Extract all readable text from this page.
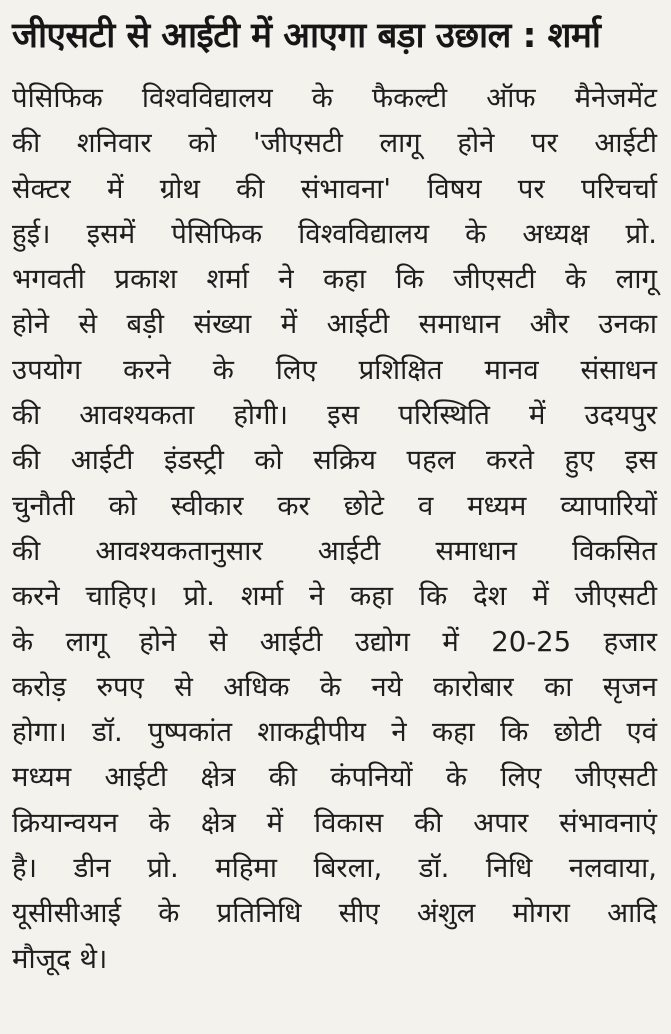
जीएसटी से आईटी में आएगा बड़ा उछाल : शर्मा
पेसिफिक विश्वविद्यालय के फैकल्टी ऑफ मैनेजमेंट
की शनिवार को 'जीएसटी लागू होने पर आईटी
सेक्टर में ग्रोथ की संभावना' विषय पर परिचर्चा
हुई। इसमें पेसिफिक विश्वविद्यालय के अध्यक्ष प्रो.
भगवती प्रकाश शर्मा ने कहा कि जीएसटी के लागू
होने से बड़ी संख्या में आईटी समाधान और उनका
उपयोग करने के लिए प्रशिक्षित मानव संसाधन
की आवश्यकता होगी। इस परिस्थिति में उदयपुर
की आईटी इंडस्ट्री को सक्रिय पहल करते हुए इस
चुनौती को स्वीकार कर छोटे व मध्यम व्यापारियों
की आवश्यकतानुसार आईटी समाधान विकसित
करने चाहिए। प्रो. शर्मा ने कहा कि देश में जीएसटी
के लागू होने से आईटी उद्योग में 20-25 हजार
करोड़ रुपए से अधिक के नये कारोबार का सृजन
होगा। डॉ. पुष्पकांत शाकद्वीपीय ने कहा कि छोटी एवं
मध्यम आईटी क्षेत्र की कंपनियों के लिए जीएसटी
क्रियान्वयन के क्षेत्र में विकास की अपार संभावनाएं
है। डीन प्रो. महिमा बिरला, डॉ. निधि नलवाया,
यूसीसीआई के प्रतिनिधि सीए अंशुल मोगरा आदि
मौजूद थे।
